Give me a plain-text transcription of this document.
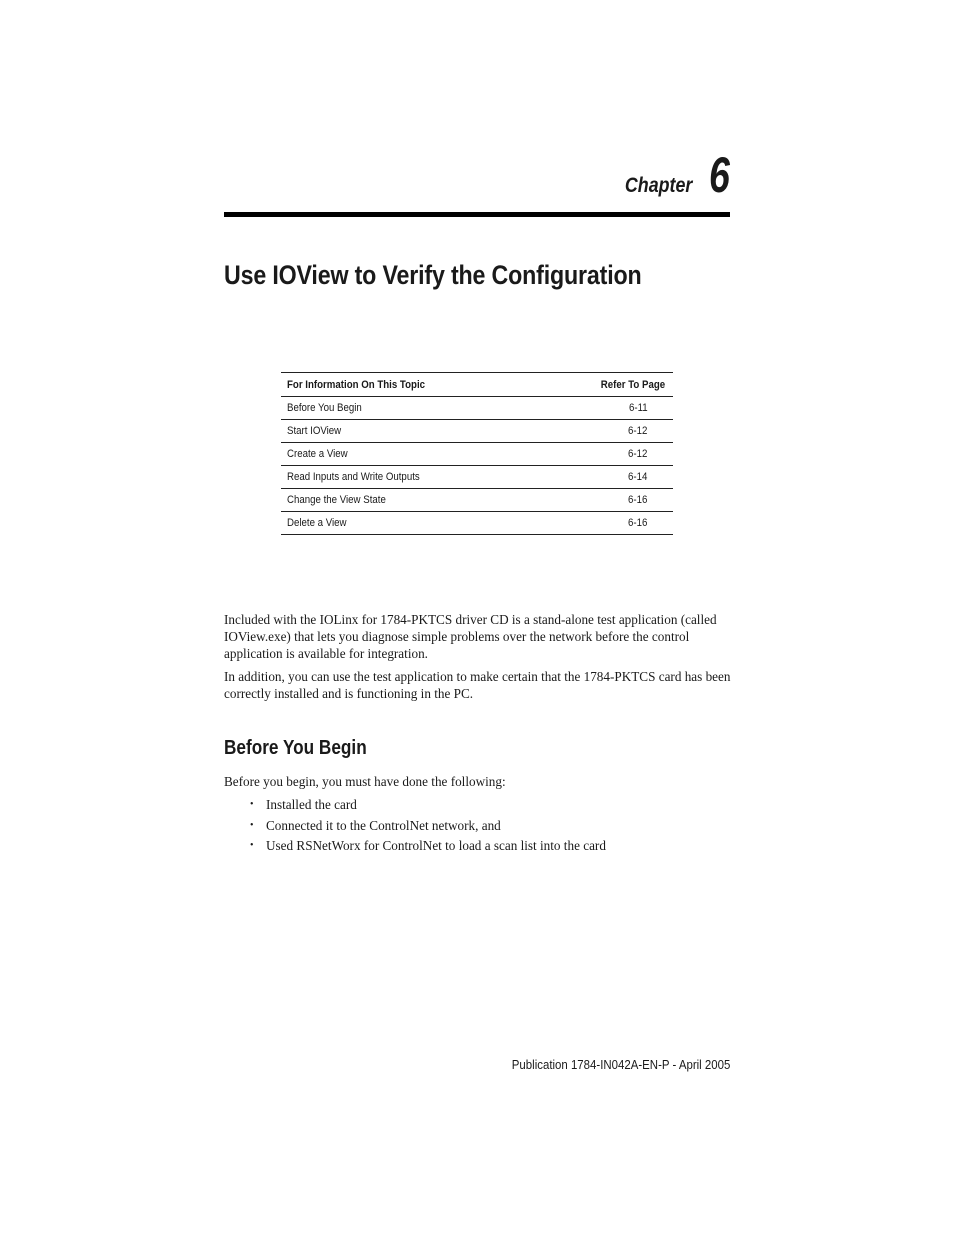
Chapter 6
Use IOView to Verify the Configuration
For Information On This Topic	Refer To Page
Before You Begin	6-11
Start IOView	6-12
Create a View	6-12
Read Inputs and Write Outputs	6-14
Change the View State	6-16
Delete a View	6-16

Included with the IOLinx for 1784-PKTCS driver CD is a stand-alone test application (called IOView.exe) that lets you diagnose simple problems over the network before the control application is available for integration.

In addition, you can use the test application to make certain that the 1784-PKTCS card has been correctly installed and is functioning in the PC.

Before You Begin

Before you begin, you must have done the following:

• Installed the card
• Connected it to the ControlNet network, and
• Used RSNetWorx for ControlNet to load a scan list into the card
Publication 1784-IN042A-EN-P - April 2005
